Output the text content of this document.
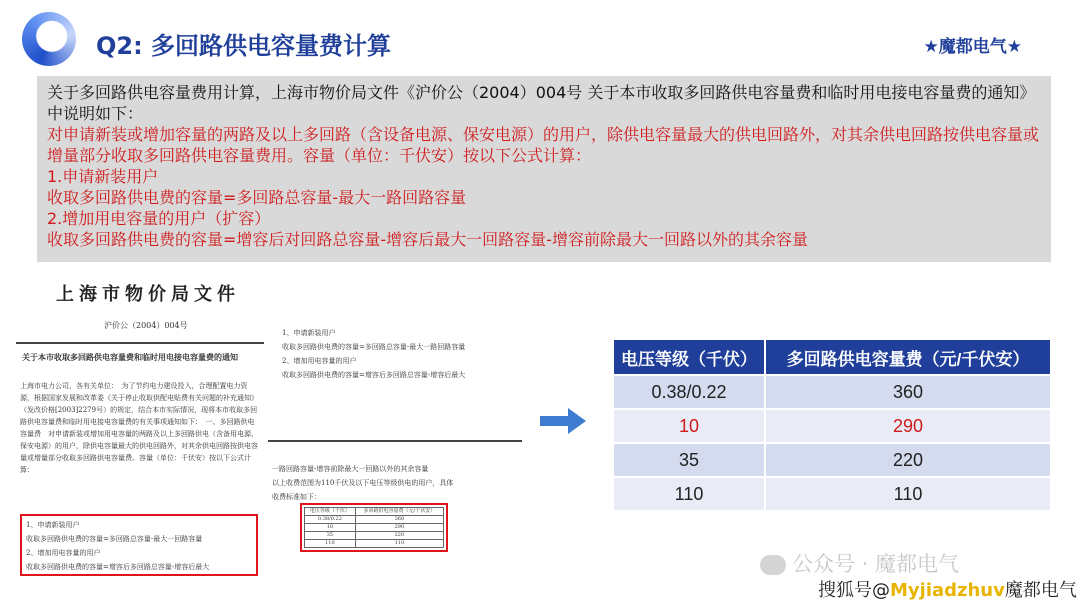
Q2: 多回路供电容量费计算	★魔都电气★
关于多回路供电容量费用计算，上海市物价局文件《沪价公（2004）004号 关于本市收取多回路供电容量费和临时用电接电容量费的通知》中说明如下：
对申请新装或增加容量的两路及以上多回路（含设备电源、保安电源）的用户，除供电容量最大的供电回路外，对其余供电回路按供电容量或增量部分收取多回路供电容量费用。容量（单位：千伏安）按以下公式计算：
1.申请新装用户
收取多回路供电费的容量=多回路总容量-最大一路回路容量
2.增加用电容量的用户（扩容）
收取多回路供电费的容量=增容后对回路总容量-增容后最大一回路容量-增容前除最大一回路以外的其余容量
上海市物价局文件
沪价公（2004）004号
关于本市收取多回路供电容量费和临时用电接电容量费的通知
上海市电力公司，各有关单位：　为了节约电力建设投入，合理配置电力资源，根据国家发展和改革委《关于停止收取供配电贴费有关问题的补充通知》（发改价格[2003]2279号）的规定，结合本市实际情况，现将本市收取多回路供电容量费和临时用电接电容量费的有关事项通知如下：　一、多回路供电容量费　对申请新装或增加用电容量的两路及以上多回路供电（含备用电源、保安电源）的用户，除供电容量最大的供电回路外，对其余供电回路按供电容量或增量部分收取多回路供电容量费。容量（单位：千伏安）按以下公式计算：
1、申请新装用户
收取多回路供电费的容量=多回路总容量-最大一回路容量
2、增加用电容量的用户
收取多回路供电费的容量=增容后多回路总容量-增容后最大
1、申请新装用户
收取多回路供电费的容量=多回路总容量-最大一路回路容量
2、增加用电容量的用户
收取多回路供电费的容量=增容后多回路总容量-增容后最大
一路回路容量-增容前除最大一回路以外的其余容量
以上收费范围为110千伏及以下电压等级供电的用户，具体
收费标准如下：
电压等级（千伏）	多回路供电容量费（元/千伏安）
0.38/0.22	360
10	290
35	220
110	110
电压等级（千伏）	多回路供电容量费（元/千伏安）
0.38/0.22	360
10	290
35	220
110	110
公众号 · 魔都电气
搜狐号@Myjiadzhuv魔都电气
